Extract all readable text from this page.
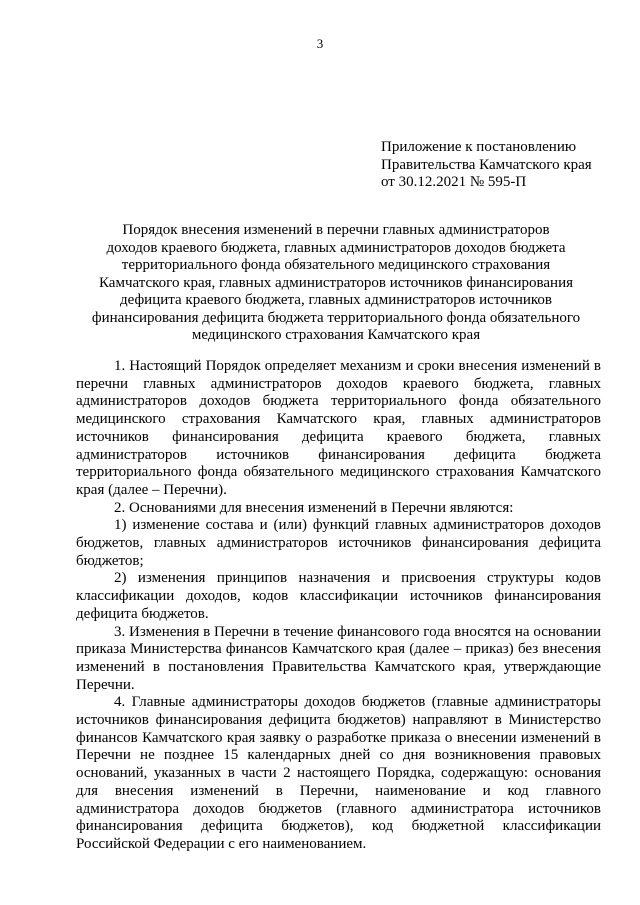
3
Приложение к постановлению
Правительства Камчатского края
от 30.12.2021 № 595-П
Порядок внесения изменений в перечни главных администраторов
доходов краевого бюджета, главных администраторов доходов бюджета
территориального фонда обязательного медицинского страхования
Камчатского края, главных администраторов источников финансирования
дефицита краевого бюджета, главных администраторов источников
финансирования дефицита бюджета территориального фонда обязательного
медицинского страхования Камчатского края

1. Настоящий Порядок определяет механизм и сроки внесения изменений в перечни главных администраторов доходов краевого бюджета, главных администраторов доходов бюджета территориального фонда обязательного медицинского страхования Камчатского края, главных администраторов источников финансирования дефицита краевого бюджета, главных администраторов источников финансирования дефицита бюджета территориального фонда обязательного медицинского страхования Камчатского края (далее – Перечни).

2. Основаниями для внесения изменений в Перечни являются:

1) изменение состава и (или) функций главных администраторов доходов бюджетов, главных администраторов источников финансирования дефицита бюджетов;

2) изменения принципов назначения и присвоения структуры кодов классификации доходов, кодов классификации источников финансирования дефицита бюджетов.

3. Изменения в Перечни в течение финансового года вносятся на основании приказа Министерства финансов Камчатского края (далее – приказ) без внесения изменений в постановления Правительства Камчатского края, утверждающие Перечни.

4. Главные администраторы доходов бюджетов (главные администраторы источников финансирования дефицита бюджетов) направляют в Министерство финансов Камчатского края заявку о разработке приказа о внесении изменений в Перечни не позднее 15 календарных дней со дня возникновения правовых оснований, указанных в части 2 настоящего Порядка, содержащую: основания для внесения изменений в Перечни, наименование и код главного администратора доходов бюджетов (главного администратора источников финансирования дефицита бюджетов), код бюджетной классификации Российской Федерации с его наименованием.
